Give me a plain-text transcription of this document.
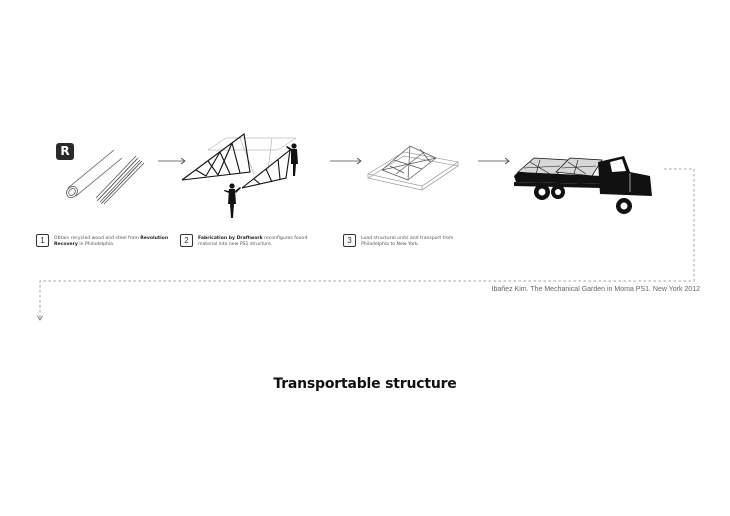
R
1	Obtain recycled wood and steel from Revolution Recovery in Philadelphia.	2	Fabrication by Draftwork reconfigures found material into new PS1 structure.	3	Load structural units and transport from Philadelphia to New York.
Ibañez Kim. The Mechanical Garden in Moma PS1. New York 2012
Transportable structure
